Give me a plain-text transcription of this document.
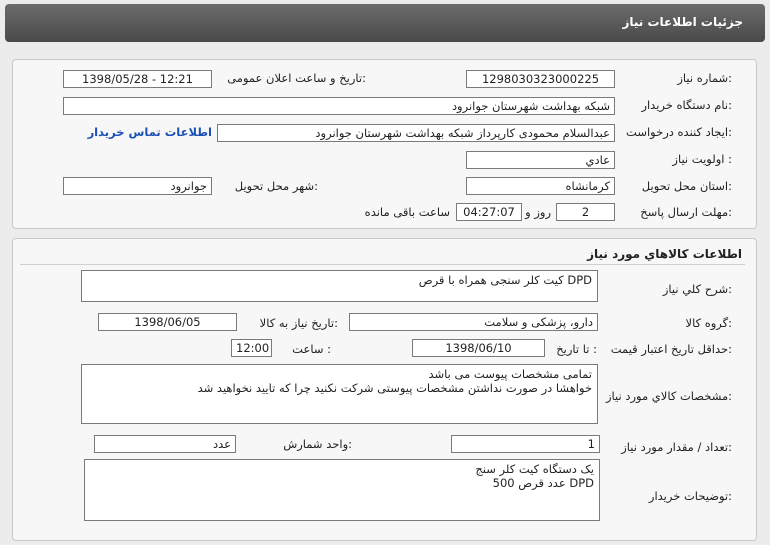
جزئيات اطلاعات نياز
شماره نياز:
1298030323000225
تاريخ و ساعت اعلان عمومی:
1398/05/28 - 12:21
نام دستگاه خريدار:
شبکه بهداشت شهرستان جوانرود
ايجاد کننده درخواست:
عبدالسلام محمودی کارپرداز شبکه بهداشت شهرستان جوانرود
اطلاعات تماس خريدار
اولويت نياز :
عادي
استان محل تحويل:
کرمانشاه
شهر محل تحويل:
جوانرود
مهلت ارسال پاسخ:
2
روز و
04:27:07
ساعت باقی مانده
اطلاعات کالاهاي مورد نياز
شرح کلي نياز:
کيت کلر سنجی همراه با قرص DPD
گروه کالا:
دارو، پزشکی و سلامت
تاريخ نياز به کالا:
1398/06/05
حداقل تاريخ اعتبار قيمت:
تا تاريخ :
1398/06/10
ساعت :
12:00
مشخصات کالاي مورد نياز:
تمامی مشخصات پيوست می باشد
خواهشا در صورت نداشتن مشخصات پيوستی شرکت نکنيد چرا که تاييد نخواهيد شد
تعداد / مقدار مورد نياز:
1
واحد شمارش:
عدد
توضيحات خريدار:
يک دستگاه کيت کلر سنج
500 عدد قرص DPD
